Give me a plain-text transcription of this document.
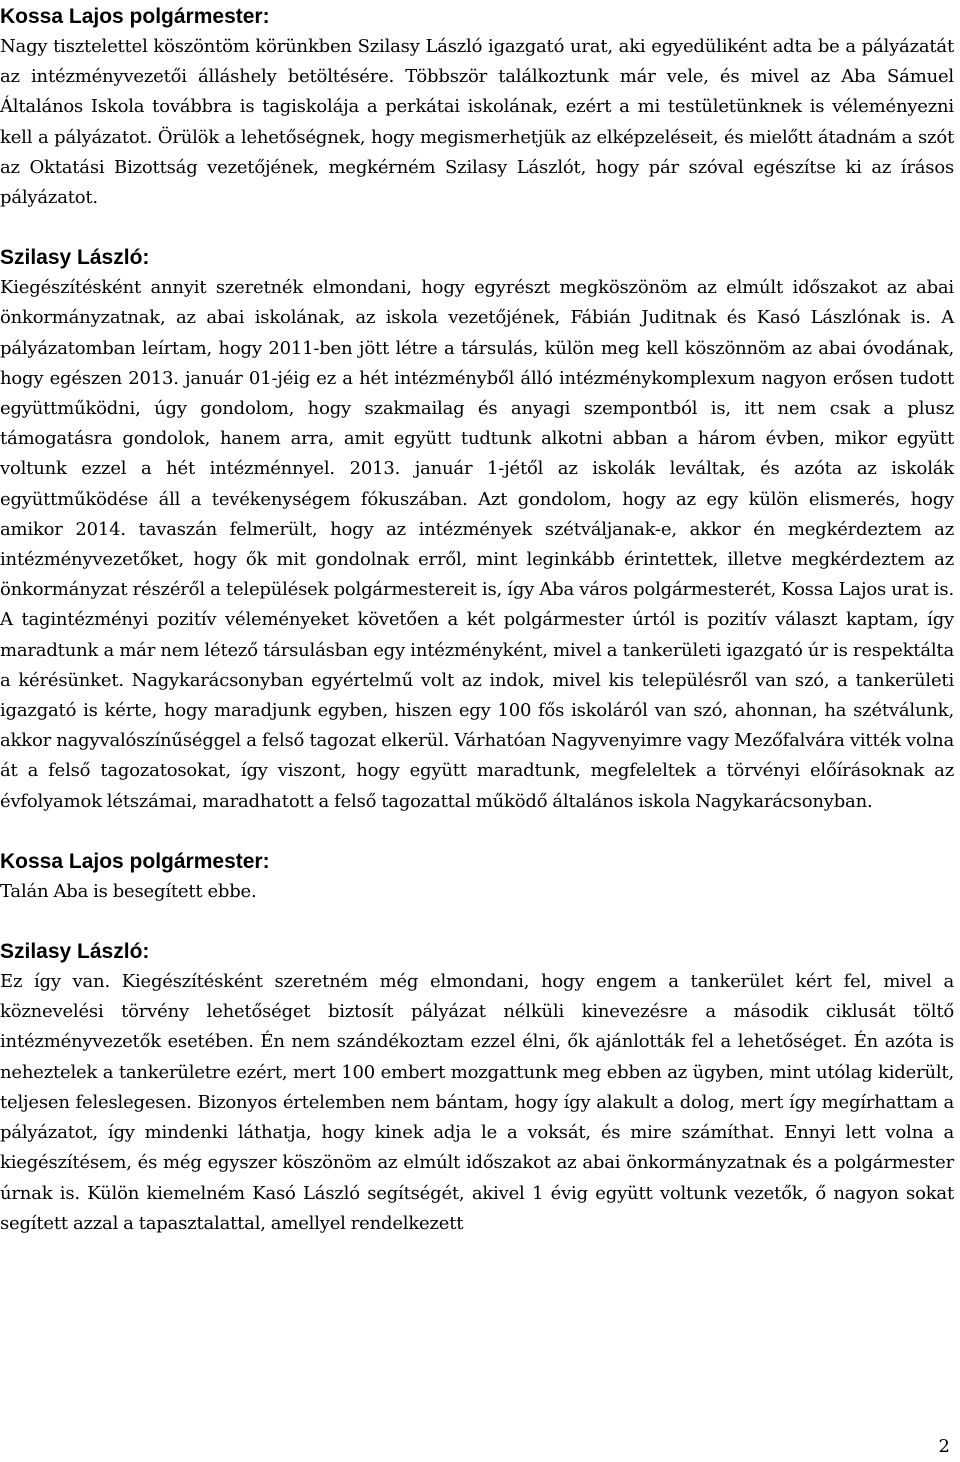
Kossa Lajos polgármester:

Nagy tisztelettel köszöntöm körünkben Szilasy László igazgató urat, aki egyedüliként adta be a pályázatát az intézményvezetői álláshely betöltésére. Többször találkoztunk már vele, és mivel az Aba Sámuel Általános Iskola továbbra is tagiskolája a perkátai iskolának, ezért a mi testületünknek is véleményezni kell a pályázatot. Örülök a lehetőségnek, hogy megismerhetjük az elképzeléseit, és mielőtt átadnám a szót az Oktatási Bizottság vezetőjének, megkérném Szilasy Lászlót, hogy pár szóval egészítse ki az írásos pályázatot.

Szilasy László:

Kiegészítésként annyit szeretnék elmondani, hogy egyrészt megköszönöm az elmúlt időszakot az abai önkormányzatnak, az abai iskolának, az iskola vezetőjének, Fábián Juditnak és Kasó Lászlónak is. A pályázatomban leírtam, hogy 2011-ben jött létre a társulás, külön meg kell köszönnöm az abai óvodának, hogy egészen 2013. január 01-jéig ez a hét intézményből álló intézménykomplexum nagyon erősen tudott együttműködni, úgy gondolom, hogy szakmailag és anyagi szempontból is, itt nem csak a plusz támogatásra gondolok, hanem arra, amit együtt tudtunk alkotni abban a három évben, mikor együtt voltunk ezzel a hét intézménnyel. 2013. január 1-jétől az iskolák leváltak, és azóta az iskolák együttműködése áll a tevékenységem fókuszában. Azt gondolom, hogy az egy külön elismerés, hogy amikor 2014. tavaszán felmerült, hogy az intézmények szétváljanak-e, akkor én megkérdeztem az intézményvezetőket, hogy ők mit gondolnak erről, mint leginkább érintettek, illetve megkérdeztem az önkormányzat részéről a települések polgármestereit is, így Aba város polgármesterét, Kossa Lajos urat is. A tagintézményi pozitív véleményeket követően a két polgármester úrtól is pozitív választ kaptam, így maradtunk a már nem létező társulásban egy intézményként, mivel a tankerületi igazgató úr is respektálta a kérésünket. Nagykarácsonyban egyértelmű volt az indok, mivel kis településről van szó, a tankerületi igazgató is kérte, hogy maradjunk egyben, hiszen egy 100 fős iskoláról van szó, ahonnan, ha szétválunk, akkor nagyvalószínűséggel a felső tagozat elkerül. Várhatóan Nagyvenyimre vagy Mezőfalvára vitték volna át a felső tagozatosokat, így viszont, hogy együtt maradtunk, megfeleltek a törvényi előírásoknak az évfolyamok létszámai, maradhatott a felső tagozattal működő általános iskola Nagykarácsonyban.

Kossa Lajos polgármester:

Talán Aba is besegített ebbe.

Szilasy László:

Ez így van. Kiegészítésként szeretném még elmondani, hogy engem a tankerület kért fel, mivel a köznevelési törvény lehetőséget biztosít pályázat nélküli kinevezésre a második ciklusát töltő intézményvezetők esetében. Én nem szándékoztam ezzel élni, ők ajánlották fel a lehetőséget. Én azóta is neheztelek a tankerületre ezért, mert 100 embert mozgattunk meg ebben az ügyben, mint utólag kiderült, teljesen feleslegesen. Bizonyos értelemben nem bántam, hogy így alakult a dolog, mert így megírhattam a pályázatot, így mindenki láthatja, hogy kinek adja le a voksát, és mire számíthat. Ennyi lett volna a kiegészítésem, és még egyszer köszönöm az elmúlt időszakot az abai önkormányzatnak és a polgármester úrnak is. Külön kiemelném Kasó László segítségét, akivel 1 évig együtt voltunk vezetők, ő nagyon sokat segített azzal a tapasztalattal, amellyel rendelkezett

2
